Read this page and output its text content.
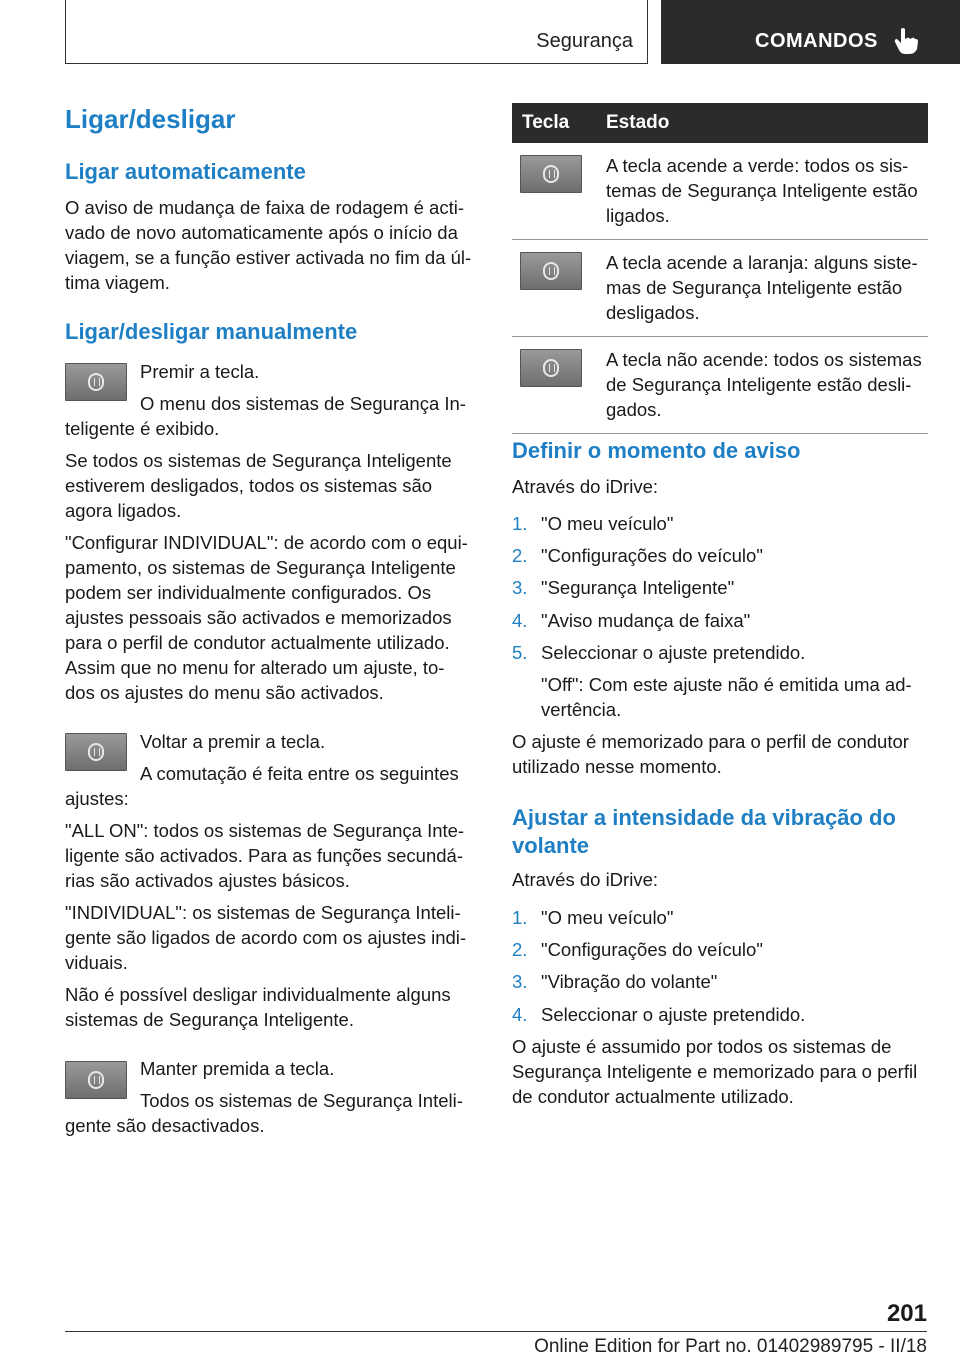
Segurança	COMANDOS
Ligar/desligar
Ligar automaticamente
O aviso de mudança de faixa de rodagem é acti-
vado de novo automaticamente após o início da
viagem, se a função estiver activada no fim da úl-
tima viagem.
Ligar/desligar manualmente
Premir a tecla.
O menu dos sistemas de Segurança In-
teligente é exibido.
Se todos os sistemas de Segurança Inteligente
estiverem desligados, todos os sistemas são
agora ligados.
"Configurar INDIVIDUAL": de acordo com o equi-
pamento, os sistemas de Segurança Inteligente
podem ser individualmente configurados. Os
ajustes pessoais são activados e memorizados
para o perfil de condutor actualmente utilizado.
Assim que no menu for alterado um ajuste, to-
dos os ajustes do menu são activados.
Voltar a premir a tecla.
A comutação é feita entre os seguintes
ajustes:
"ALL ON": todos os sistemas de Segurança Inte-
ligente são activados. Para as funções secundá-
rias são activados ajustes básicos.
"INDIVIDUAL": os sistemas de Segurança Inteli-
gente são ligados de acordo com os ajustes indi-
viduais.
Não é possível desligar individualmente alguns
sistemas de Segurança Inteligente.
Manter premida a tecla.
Todos os sistemas de Segurança Inteli-
gente são desactivados.
Tecla	Estado

	A tecla acende a verde: todos os sis-
temas de Segurança Inteligente estão
ligados.

	A tecla acende a laranja: alguns siste-
mas de Segurança Inteligente estão
desligados.

	A tecla não acende: todos os sistemas
de Segurança Inteligente estão desli-
gados.
Definir o momento de aviso
Através do iDrive:
1. "O meu veículo"
2. "Configurações do veículo"
3. "Segurança Inteligente"
4. "Aviso mudança de faixa"
5. Seleccionar o ajuste pretendido.
"Off": Com este ajuste não é emitida uma ad-
vertência.
O ajuste é memorizado para o perfil de condutor
utilizado nesse momento.
Ajustar a intensidade da vibração do
volante
Através do iDrive:
1. "O meu veículo"
2. "Configurações do veículo"
3. "Vibração do volante"
4. Seleccionar o ajuste pretendido.
O ajuste é assumido por todos os sistemas de
Segurança Inteligente e memorizado para o perfil
de condutor actualmente utilizado.
201
Online Edition for Part no. 01402989795 - II/18
